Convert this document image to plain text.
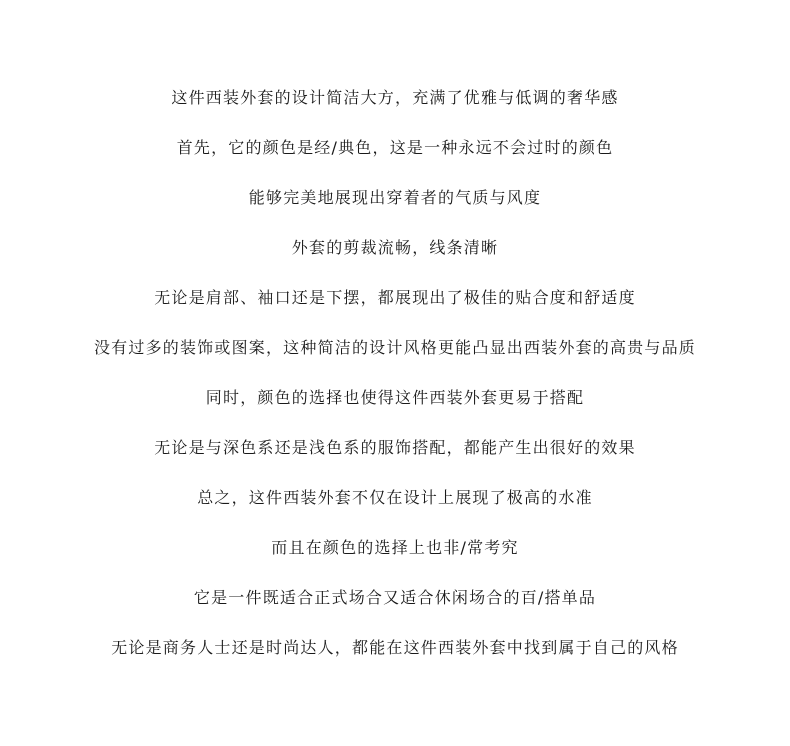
这件西装外套的设计简洁大方，充满了优雅与低调的奢华感
首先，它的颜色是经/典色，这是一种永远不会过时的颜色
能够完美地展现出穿着者的气质与风度
外套的剪裁流畅，线条清晰
无论是肩部、袖口还是下摆，都展现出了极佳的贴合度和舒适度
没有过多的装饰或图案，这种简洁的设计风格更能凸显出西装外套的高贵与品质
同时，颜色的选择也使得这件西装外套更易于搭配
无论是与深色系还是浅色系的服饰搭配，都能产生出很好的效果
总之，这件西装外套不仅在设计上展现了极高的水准
而且在颜色的选择上也非/常考究
它是一件既适合正式场合又适合休闲场合的百/搭单品
无论是商务人士还是时尚达人，都能在这件西装外套中找到属于自己的风格
